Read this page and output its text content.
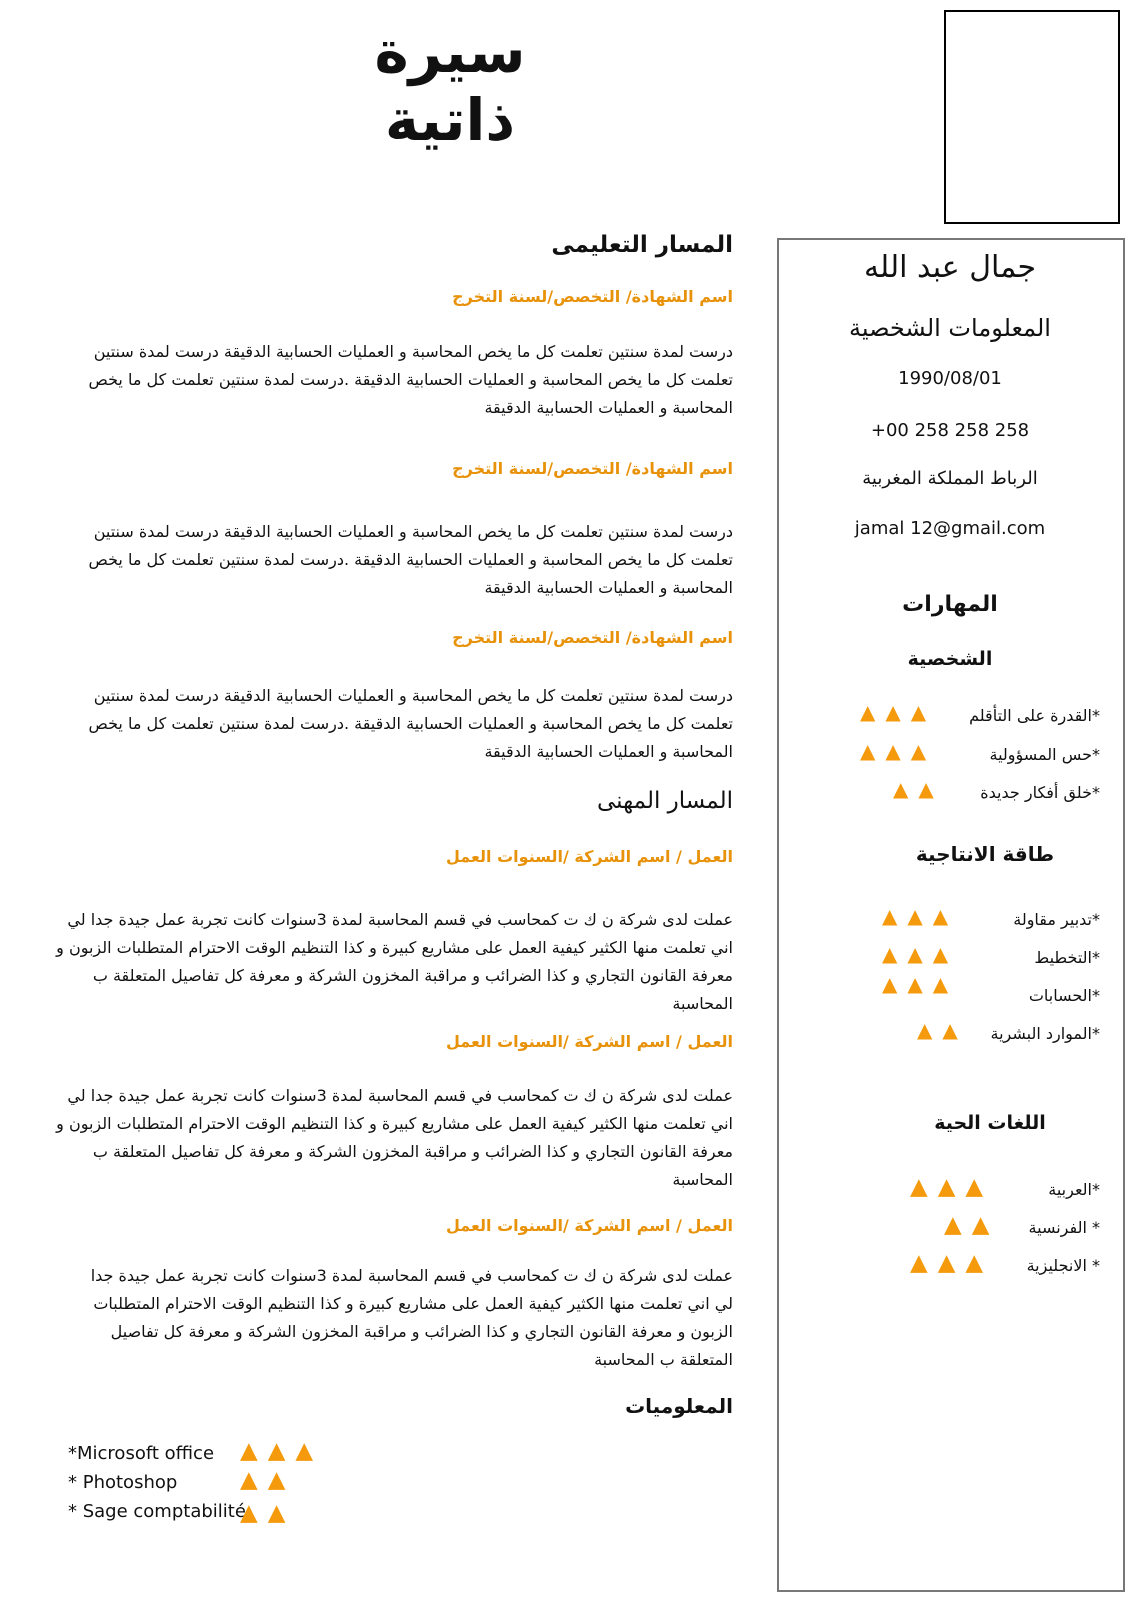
سيرة ذاتية
جمال عبد الله
المعلومات الشخصية
1990/08/01
+00 258 258 258
الرباط المملكة المغربية
jamal 12@gmail.com
المهارات
الشخصية
*القدرة على التأقلم
▲▲▲
*حس المسؤولية
▲▲▲
*خلق أفكار جديدة
▲▲
طاقة الانتاجية
*تدبير مقاولة
▲▲▲
*التخطيط
▲▲▲
*الحسابات
▲▲▲
*الموارد البشرية
▲▲
اللغات الحية
*العربية
▲▲▲
* الفرنسية
▲▲
* الانجليزية
▲▲▲
المسار التعليمى
اسم الشهادة/ التخصص/لسنة التخرج
درست لمدة سنتين تعلمت كل ما يخص المحاسبة و العمليات الحسابية الدقيقة درست لمدة سنتين تعلمت كل ما يخص المحاسبة و العمليات الحسابية الدقيقة .درست لمدة سنتين تعلمت كل ما يخص المحاسبة و العمليات الحسابية الدقيقة
اسم الشهادة/ التخصص/لسنة التخرج
درست لمدة سنتين تعلمت كل ما يخص المحاسبة و العمليات الحسابية الدقيقة درست لمدة سنتين تعلمت كل ما يخص المحاسبة و العمليات الحسابية الدقيقة .درست لمدة سنتين تعلمت كل ما يخص المحاسبة و العمليات الحسابية الدقيقة
اسم الشهادة/ التخصص/لسنة التخرج
درست لمدة سنتين تعلمت كل ما يخص المحاسبة و العمليات الحسابية الدقيقة درست لمدة سنتين تعلمت كل ما يخص المحاسبة و العمليات الحسابية الدقيقة .درست لمدة سنتين تعلمت كل ما يخص المحاسبة و العمليات الحسابية الدقيقة
المسار المهنى
العمل / اسم الشركة /السنوات العمل
عملت لدى شركة ن ك ت كمحاسب في قسم المحاسبة لمدة 3سنوات كانت تجربة عمل جيدة جدا لي اني تعلمت منها الكثير كيفية العمل على مشاريع كبيرة و كذا التنظيم الوقت الاحترام المتطلبات الزبون و معرفة القانون التجاري و كذا الضرائب و مراقبة المخزون الشركة و معرفة كل تفاصيل المتعلقة ب المحاسبة
العمل / اسم الشركة /السنوات العمل
عملت لدى شركة ن ك ت كمحاسب في قسم المحاسبة لمدة 3سنوات كانت تجربة عمل جيدة جدا لي اني تعلمت منها الكثير كيفية العمل على مشاريع كبيرة و كذا التنظيم الوقت الاحترام المتطلبات الزبون و معرفة القانون التجاري و كذا الضرائب و مراقبة المخزون الشركة و معرفة كل تفاصيل المتعلقة ب المحاسبة
العمل / اسم الشركة /السنوات العمل
عملت لدى شركة ن ك ت كمحاسب في قسم المحاسبة لمدة 3سنوات كانت تجربة عمل جيدة جدا لي اني تعلمت منها الكثير كيفية العمل على مشاريع كبيرة و كذا التنظيم الوقت الاحترام المتطلبات الزبون و معرفة القانون التجاري و كذا الضرائب و مراقبة المخزون الشركة و معرفة كل تفاصيل المتعلقة ب المحاسبة
المعلوميات
*Microsoft office ▲▲▲
* Photoshop	▲▲
* Sage comptabilité
▲▲
